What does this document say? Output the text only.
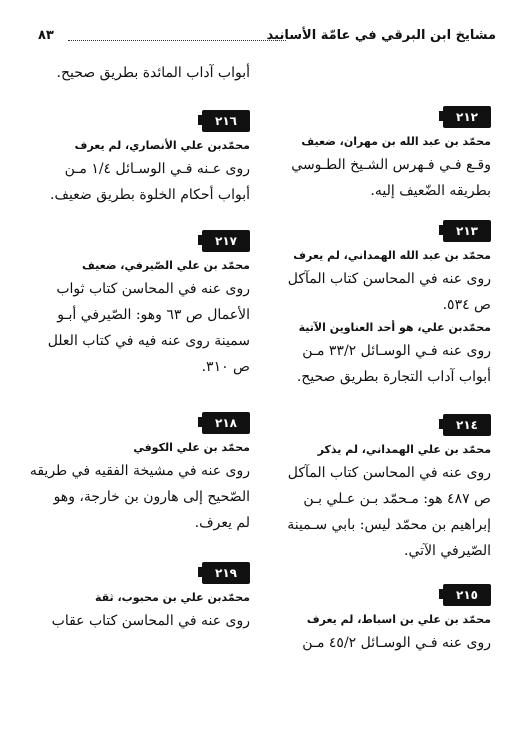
مشايخ ابن البرقي في عامّة الأسانيد
٨٣
٢١٢

محمّد بن عبد الله بن مهران، ضعيف

وقـع فـي فـهرس الشـيخ الطـوسي

بطريقه الضّعيف إليه.

٢١٣

محمّد بن عبد الله الهمداني، لم يعرف

روى عنه في المحاسن كتاب المآكل

ص ٥٣٤.

محمّدبن علي، هو أحد العناوين الآتية

روى عنه فـي الوسـائل ٣٣/٢ مـن

أبواب آداب التجارة بطريق صحيح.

٢١٤

محمّد بن علي الهمداني، لم يذكر

روى عنه في المحاسن كتاب المآكل

ص ٤٨٧ هو: مـحمّد بـن عـلي بـن

إبراهيم بن محمّد ليس: بابي سـمينة

الصّيرفي الآتي.

٢١٥

محمّد بن علي بن اسباط، لم يعرف

روى عنه فـي الوسـائل ٤٥/٢ مـن

أبواب آداب المائدة بطريق صحيح.

٢١٦

محمّدبن علي الأنصاري، لم يعرف

روى عـنه فـي الوسـائل ١/٤ مـن

أبواب أحكام الخلوة بطريق ضعيف.

٢١٧

محمّد بن علي الصّيرفي، ضعيف

روى عنه في المحاسن كتاب ثواب

الأعمال ص ٦٣ وهو: الصّيرفي أبـو

سمينة روى عنه فيه في كتاب العلل

ص ٣١٠.

٢١٨

محمّد بن علي الكوفي

روى عنه في مشيخة الفقيه في طريقه

الصّحيح إلى هارون بن خارجة، وهو

لم يعرف.

٢١٩

محمّدبن علي بن محبوب، ثقة

روى عنه في المحاسن كتاب عقاب
